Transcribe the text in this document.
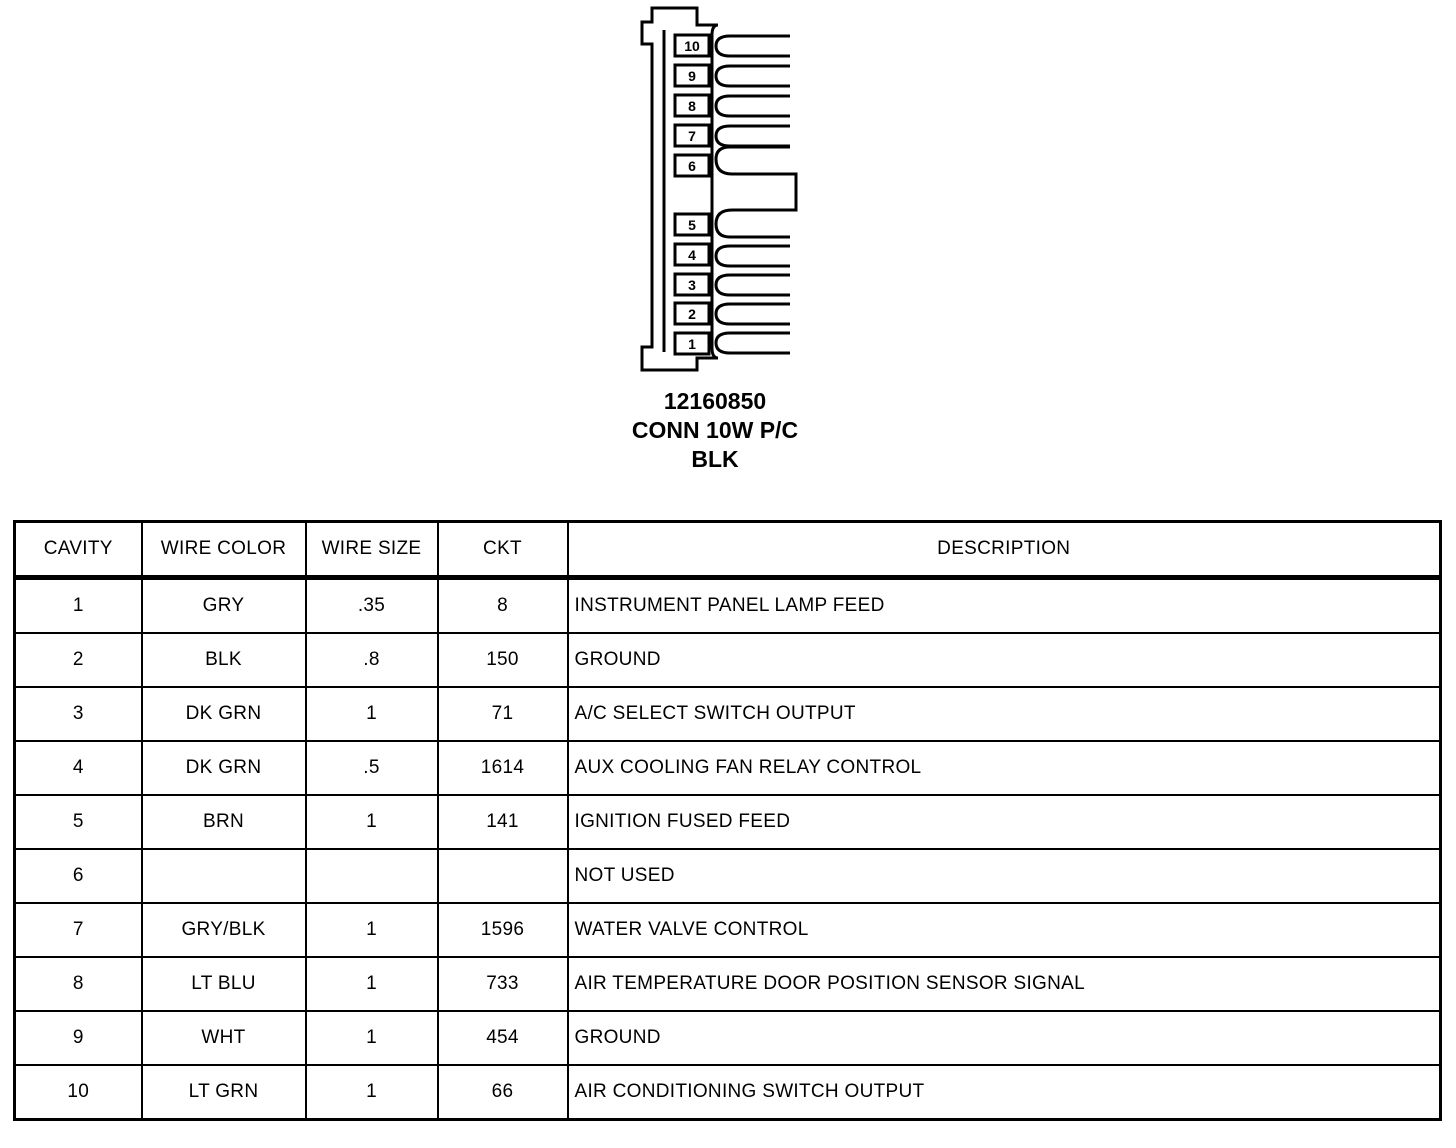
10
9
8
7
6
5
4
3
2
1
12160850
CONN 10W P/C
BLK
CAVITY	WIRE COLOR	WIRE SIZE	CKT	DESCRIPTION
1	GRY	.35	8	INSTRUMENT PANEL LAMP FEED
2	BLK	.8	150	GROUND
3	DK GRN	1	71	A/C SELECT SWITCH OUTPUT
4	DK GRN	.5	1614	AUX COOLING FAN RELAY CONTROL
5	BRN	1	141	IGNITION FUSED FEED
6				NOT USED
7	GRY/BLK	1	1596	WATER VALVE CONTROL
8	LT BLU	1	733	AIR TEMPERATURE DOOR POSITION SENSOR SIGNAL
9	WHT	1	454	GROUND
10	LT GRN	1	66	AIR CONDITIONING SWITCH OUTPUT
